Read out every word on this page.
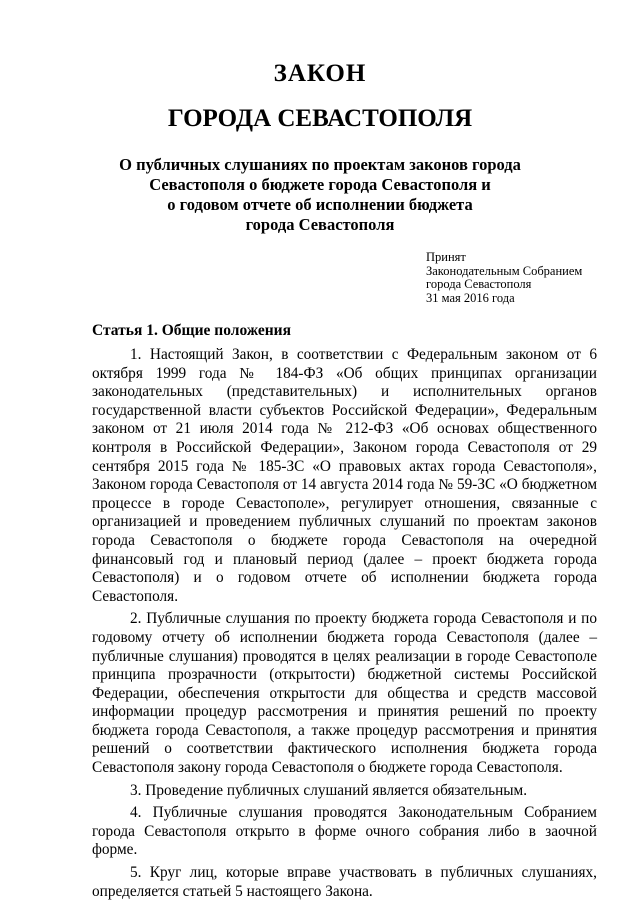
ЗАКОН
ГОРОДА СЕВАСТОПОЛЯ
О публичных слушаниях по проектам законов города
Севастополя о бюджете города Севастополя и
о годовом отчете об исполнении бюджета
города Севастополя
Принят
Законодательным Собранием
города Севастополя
31 мая 2016 года
Статья 1. Общие положения

1. Настоящий Закон, в соответствии с Федеральным законом от 6 октября 1999 года № 184-ФЗ «Об общих принципах организации законодательных (представительных) и исполнительных органов государственной власти субъектов Российской Федерации», Федеральным законом от 21 июля 2014 года № 212-ФЗ «Об основах общественного контроля в Российской Федерации», Законом города Севастополя от 29 сентября 2015 года № 185-ЗС «О правовых актах города Севастополя», Законом города Севастополя от 14 августа 2014 года № 59-ЗС «О бюджетном процессе в городе Севастополе», регулирует отношения, связанные с организацией и проведением публичных слушаний по проектам законов города Севастополя о бюджете города Севастополя на очередной финансовый год и плановый период (далее – проект бюджета города Севастополя) и о годовом отчете об исполнении бюджета города Севастополя.

2. Публичные слушания по проекту бюджета города Севастополя и по годовому отчету об исполнении бюджета города Севастополя (далее – публичные слушания) проводятся в целях реализации в городе Севастополе принципа прозрачности (открытости) бюджетной системы Российской Федерации, обеспечения открытости для общества и средств массовой информации процедур рассмотрения и принятия решений по проекту бюджета города Севастополя, а также процедур рассмотрения и принятия решений о соответствии фактического исполнения бюджета города Севастополя закону города Севастополя о бюджете города Севастополя.

3. Проведение публичных слушаний является обязательным.

4. Публичные слушания проводятся Законодательным Собранием города Севастополя открыто в форме очного собрания либо в заочной форме.

5. Круг лиц, которые вправе участвовать в публичных слушаниях, определяется статьей 5 настоящего Закона.
